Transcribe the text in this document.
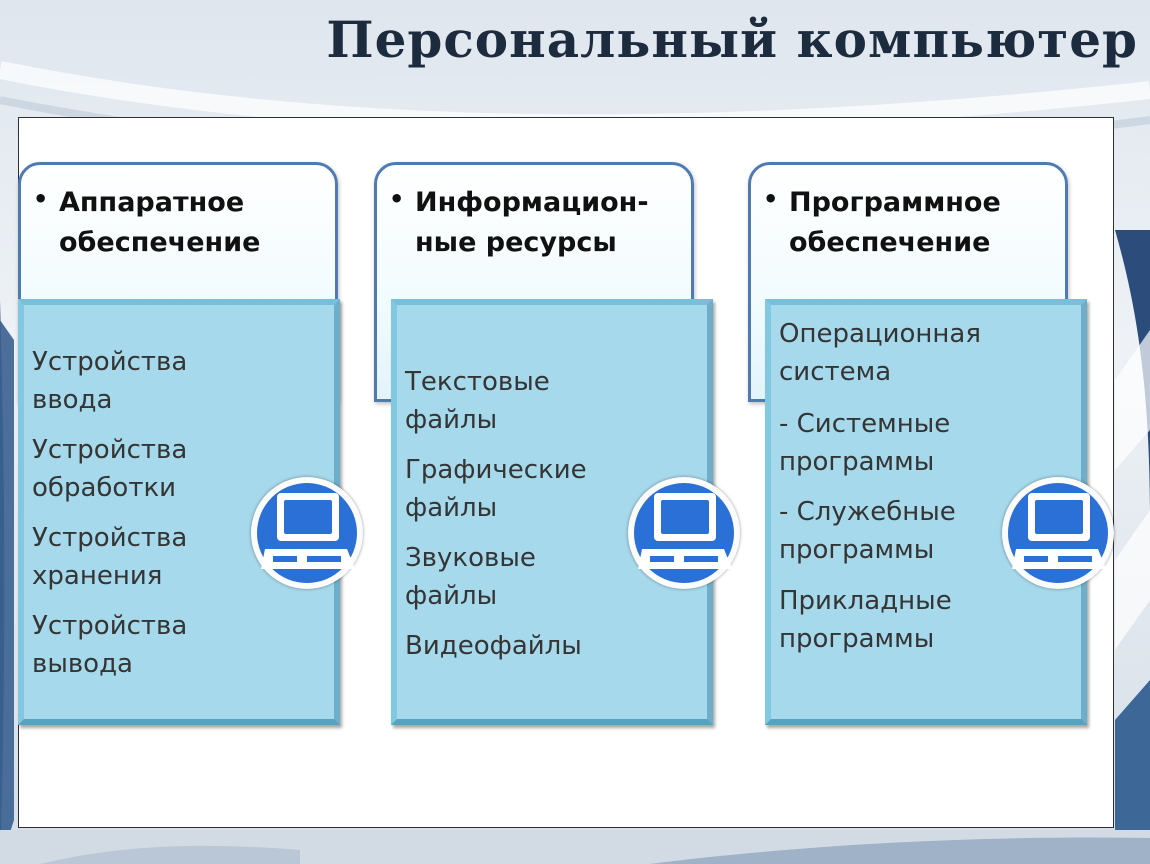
Персональный компьютер
• Аппаратное
обеспечение

Устройства
ввода

Устройства
обработки

Устройства
хранения

Устройства
вывода

• Информацион-
ные ресурсы

Текстовые
файлы

Графические
файлы

Звуковые
файлы

Видеофайлы

• Программное
обеспечение

Операционная
система

- Системные
программы

- Служебные
программы

Прикладные
программы
